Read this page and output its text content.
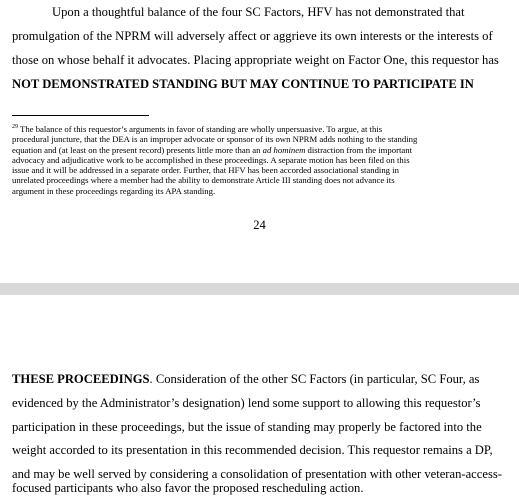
Upon a thoughtful balance of the four SC Factors, HFV has not demonstrated that
promulgation of the NPRM will adversely affect or aggrieve its own interests or the interests of
those on whose behalf it advocates. Placing appropriate weight on Factor One, this requestor has
NOT DEMONSTRATED STANDING BUT MAY CONTINUE TO PARTICIPATE IN
$^{29}$ The balance of this requestor’s arguments in favor of standing are wholly unpersuasive. To argue, at this
procedural juncture, that the DEA is an improper advocate or sponsor of its own NPRM adds nothing to the standing
equation and (at least on the present record) presents little more than an ad hominem distraction from the important
advocacy and adjudicative work to be accomplished in these proceedings. A separate motion has been filed on this
issue and it will be addressed in a separate order. Further, that HFV has been accorded associational standing in
unrelated proceedings where a member had the ability to demonstrate Article III standing does not advance its
argument in these proceedings regarding its APA standing.
24
THESE PROCEEDINGS. Consideration of the other SC Factors (in particular, SC Four, as
evidenced by the Administrator’s designation) lend some support to allowing this requestor’s
participation in these proceedings, but the issue of standing may properly be factored into the
weight accorded to its presentation in this recommended decision. This requestor remains a DP,
and may be well served by considering a consolidation of presentation with other veteran-access-
focused participants who also favor the proposed rescheduling action.
